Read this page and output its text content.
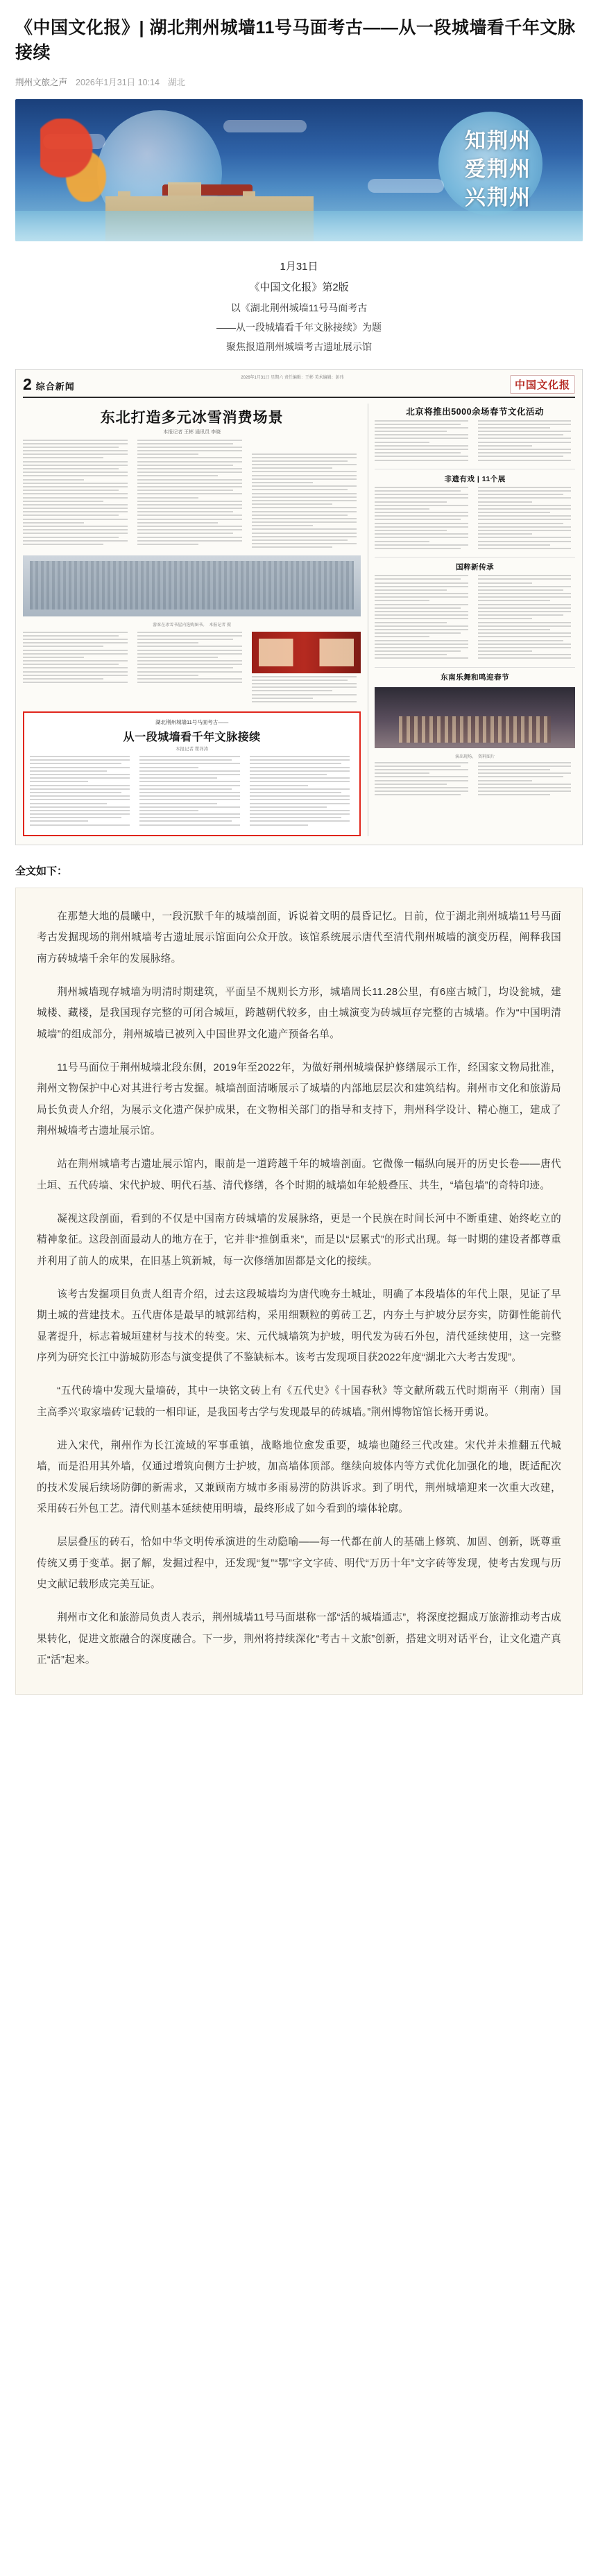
《中国文化报》| 湖北荆州城墙11号马面考古——从一段城墙看千年文脉接续
荆州文旅之声 2026年1月31日 10:14 湖北
知荆州
爱荆州
兴荆州
1月31日
《中国文化报》第2版
以《湖北荆州城墙11号马面考古
——从一段城墙看千年文脉接续》为题
聚焦报道荆州城墙考古遗址展示馆
2 综合新闻
2026年1月31日 星期六 责任编辑：王彬 美术编辑：彭玮
中国文化报
东北打造多元冰雪消费场景
本报记者 王彬 通讯员 李晓

游客在冰雪书屋内选购图书。　本报记者 摄
湖北荆州城墙11号马面考古——
从一段城墙看千年文脉接续
本报记者 瞿祥涛
北京将推出5000余场春节文化活动
非遗有戏 | 11个展
国粹新传承
东南乐舞和鸣迎春节
演出现场。　资料图片
全文如下：

在那楚大地的晨曦中，一段沉默千年的城墙剖面，诉说着文明的晨昏记忆。日前，位于湖北荆州城墙11号马面考古发掘现场的荆州城墙考古遗址展示馆面向公众开放。该馆系统展示唐代至清代荆州城墙的演变历程，阐释我国南方砖城墙千余年的发展脉络。

荆州城墙现存城墙为明清时期建筑，平面呈不规则长方形，城墙周长11.28公里，有6座古城门，均设瓮城，建城楼、藏楼，是我国现存完整的可闭合城垣，跨越朝代较多，由土城演变为砖城垣存完整的古城墙。作为“中国明清城墙”的组成部分，荆州城墙已被列入中国世界文化遗产预备名单。

11号马面位于荆州城墙北段东侧，2019年至2022年，为做好荆州城墙保护修缮展示工作，经国家文物局批准，荆州文物保护中心对其进行考古发掘。城墙剖面清晰展示了城墙的内部地层层次和建筑结构。荆州市文化和旅游局局长负责人介绍，为展示文化遗产保护成果，在文物相关部门的指导和支持下，荆州科学设计、精心施工，建成了荆州城墙考古遗址展示馆。

站在荆州城墙考古遗址展示馆内，眼前是一道跨越千年的城墙剖面。它微像一幅纵向展开的历史长卷——唐代土垣、五代砖墙、宋代护坡、明代石基、清代修缮，各个时期的城墙如年轮般叠压、共生，“墙包墙”的奇特印迹。

凝视这段剖面，看到的不仅是中国南方砖城墙的发展脉络，更是一个民族在时间长河中不断重建、始终屹立的精神象征。这段剖面最动人的地方在于，它并非“推倒重来”，而是以“层累式”的形式出现。每一时期的建设者都尊重并利用了前人的成果，在旧基上筑新城，每一次修缮加固都是文化的接续。

该考古发掘项目负责人组青介绍，过去这段城墙均为唐代晚夯土城址，明确了本段墙体的年代上限，见证了早期土城的营建技术。五代唐体是最早的城郭结构，采用细颗粒的剪砖工艺，内夯土与护坡分层夯实，防御性能前代显著提升，标志着城垣建材与技术的转变。宋、元代城墙筑为护坡，明代发为砖石外包，清代延续使用，这一完整序列为研究长江中游城防形态与演变提供了不鉴缺标本。该考古发现项目获2022年度“湖北六大考古发现”。

“五代砖墙中发现大量墙砖，其中一块铭文砖上有《五代史》《十国春秋》等文献所载五代时期南平（荆南）国主高季兴‘取家墙砖’记载的一相印证，是我国考古学与发现最早的砖城墙。”荆州博物馆馆长杨开勇说。

进入宋代，荆州作为长江流域的军事重镇，战略地位愈发重要，城墙也随经三代改建。宋代并未推翻五代城墙，而是沿用其外墙，仅通过增筑向侧方士护坡，加高墙体顶部。继续向坡体内等方式优化加强化的地，既适配次的技术发展后续场防御的新需求，又兼顾南方城市多雨易涝的防洪诉求。到了明代，荆州城墙迎来一次重大改建，采用砖石外包工艺。清代则基本延续使用明墙，最终形成了如今看到的墙体轮廓。

层层叠压的砖石，恰如中华文明传承演进的生动隐喻——每一代都在前人的基础上修筑、加固、创新，既尊重传统又勇于变革。据了解，发掘过程中，还发现“复”“鄂”字文字砖、明代“万历十年”文字砖等发现，使考古发现与历史文献记载形成完美互证。

荆州市文化和旅游局负责人表示，荆州城墙11号马面堪称一部“活的城墙通志”，将深度挖掘成万旅游推动考古成果转化，促进文旅融合的深度融合。下一步，荆州将持续深化“考古＋文旅”创新，搭建文明对话平台，让文化遗产真正“活”起来。
